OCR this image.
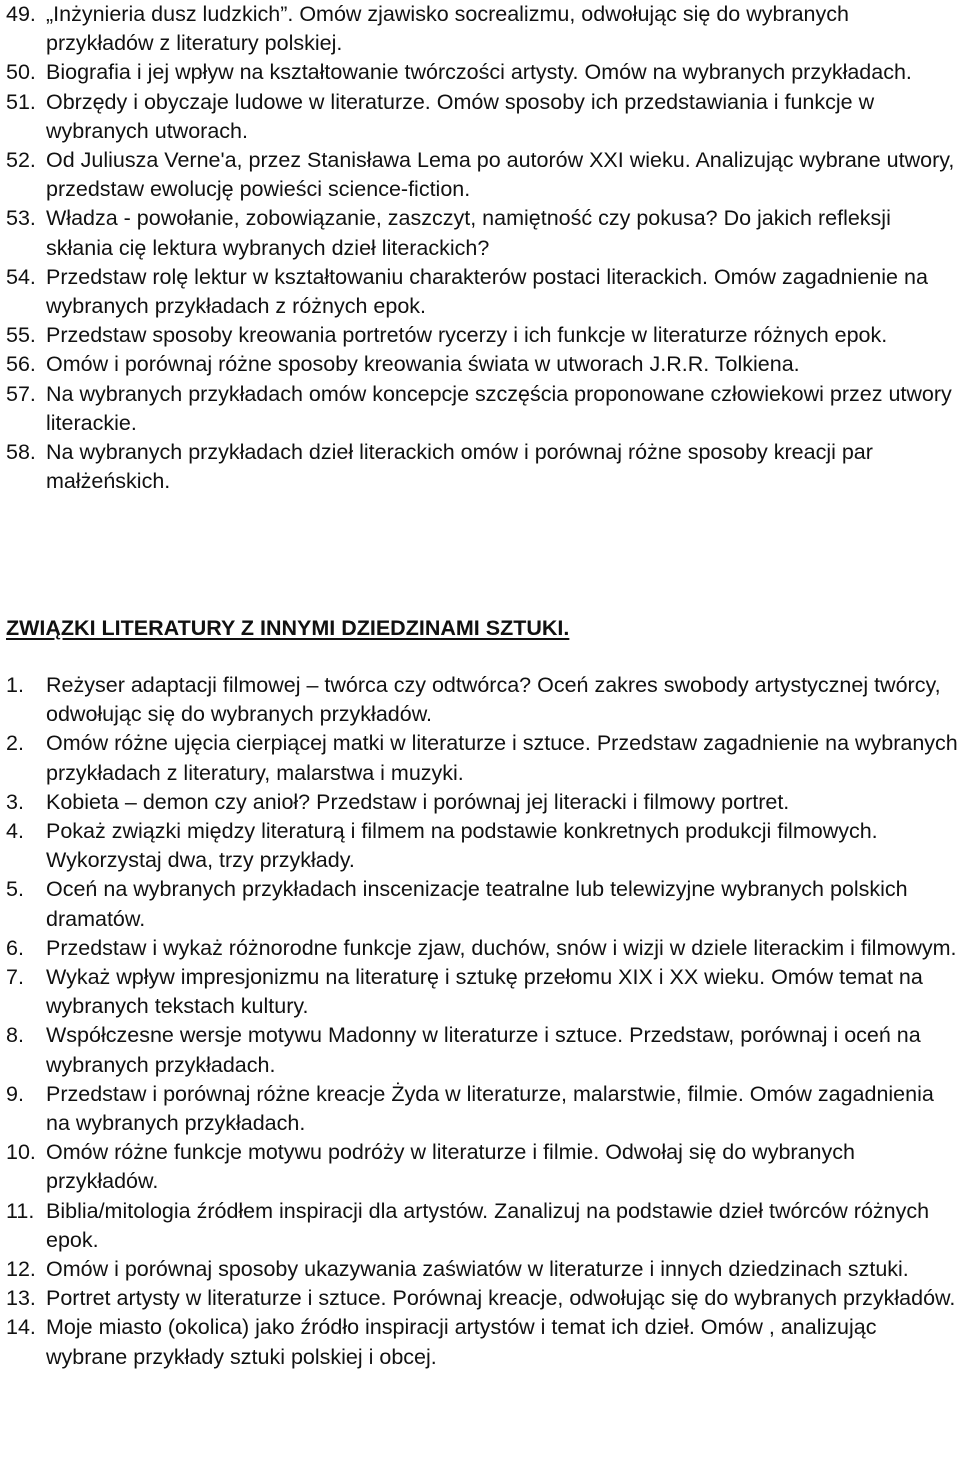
49. „Inżynieria dusz ludzkich”. Omów zjawisko socrealizmu, odwołując się do wybranych przykładów z literatury polskiej.
50. Biografia i jej wpływ na kształtowanie twórczości artysty. Omów na wybranych przykładach.
51. Obrzędy i obyczaje ludowe w literaturze. Omów sposoby ich przedstawiania i funkcje w wybranych utworach.
52. Od Juliusza Verne'a, przez Stanisława Lema po autorów XXI wieku. Analizując wybrane utwory, przedstaw ewolucję powieści science-fiction.
53. Władza - powołanie, zobowiązanie, zaszczyt, namiętność czy pokusa? Do jakich refleksji skłania cię lektura wybranych dzieł literackich?
54. Przedstaw rolę lektur w kształtowaniu charakterów postaci literackich. Omów zagadnienie na wybranych przykładach z różnych epok.
55. Przedstaw sposoby kreowania portretów rycerzy i ich funkcje w literaturze różnych epok.
56. Omów i porównaj różne sposoby kreowania świata w utworach J.R.R. Tolkiena.
57. Na wybranych przykładach omów koncepcje szczęścia proponowane człowiekowi przez utwory literackie.
58. Na wybranych przykładach dzieł literackich omów i porównaj różne sposoby kreacji par małżeńskich.
ZWIĄZKI LITERATURY Z INNYMI DZIEDZINAMI SZTUKI.
1.	Reżyser adaptacji filmowej – twórca czy odtwórca? Oceń zakres swobody artystycznej twórcy, odwołując się do wybranych przykładów.
2.	Omów różne ujęcia cierpiącej matki w literaturze i sztuce. Przedstaw zagadnienie na wybranych przykładach z literatury, malarstwa i muzyki.
3.	Kobieta – demon czy anioł? Przedstaw i porównaj jej literacki i filmowy portret.
4.	Pokaż związki między literaturą i filmem na podstawie konkretnych produkcji filmowych. Wykorzystaj dwa, trzy przykłady.
5.	Oceń na wybranych przykładach inscenizacje teatralne lub telewizyjne wybranych polskich dramatów.
6.	Przedstaw i wykaż różnorodne funkcje zjaw, duchów, snów i wizji w dziele literackim i filmowym.
7.	Wykaż wpływ impresjonizmu na literaturę i sztukę przełomu XIX i XX wieku. Omów temat na wybranych tekstach kultury.
8.	Współczesne wersje motywu Madonny w literaturze i sztuce. Przedstaw, porównaj i oceń na wybranych przykładach.
9.	Przedstaw i porównaj różne kreacje Żyda w literaturze, malarstwie, filmie. Omów zagadnienia na wybranych przykładach.
10. Omów różne funkcje motywu podróży w literaturze i filmie. Odwołaj się do wybranych przykładów.
11. Biblia/mitologia źródłem inspiracji dla artystów. Zanalizuj na podstawie dzieł twórców różnych epok.
12. Omów i porównaj sposoby ukazywania zaświatów w literaturze i innych dziedzinach sztuki.
13. Portret artysty w literaturze i sztuce. Porównaj kreacje, odwołując się do wybranych przykładów.
14. Moje miasto (okolica) jako źródło inspiracji artystów i temat ich dzieł. Omów , analizując wybrane przykłady sztuki polskiej i obcej.
